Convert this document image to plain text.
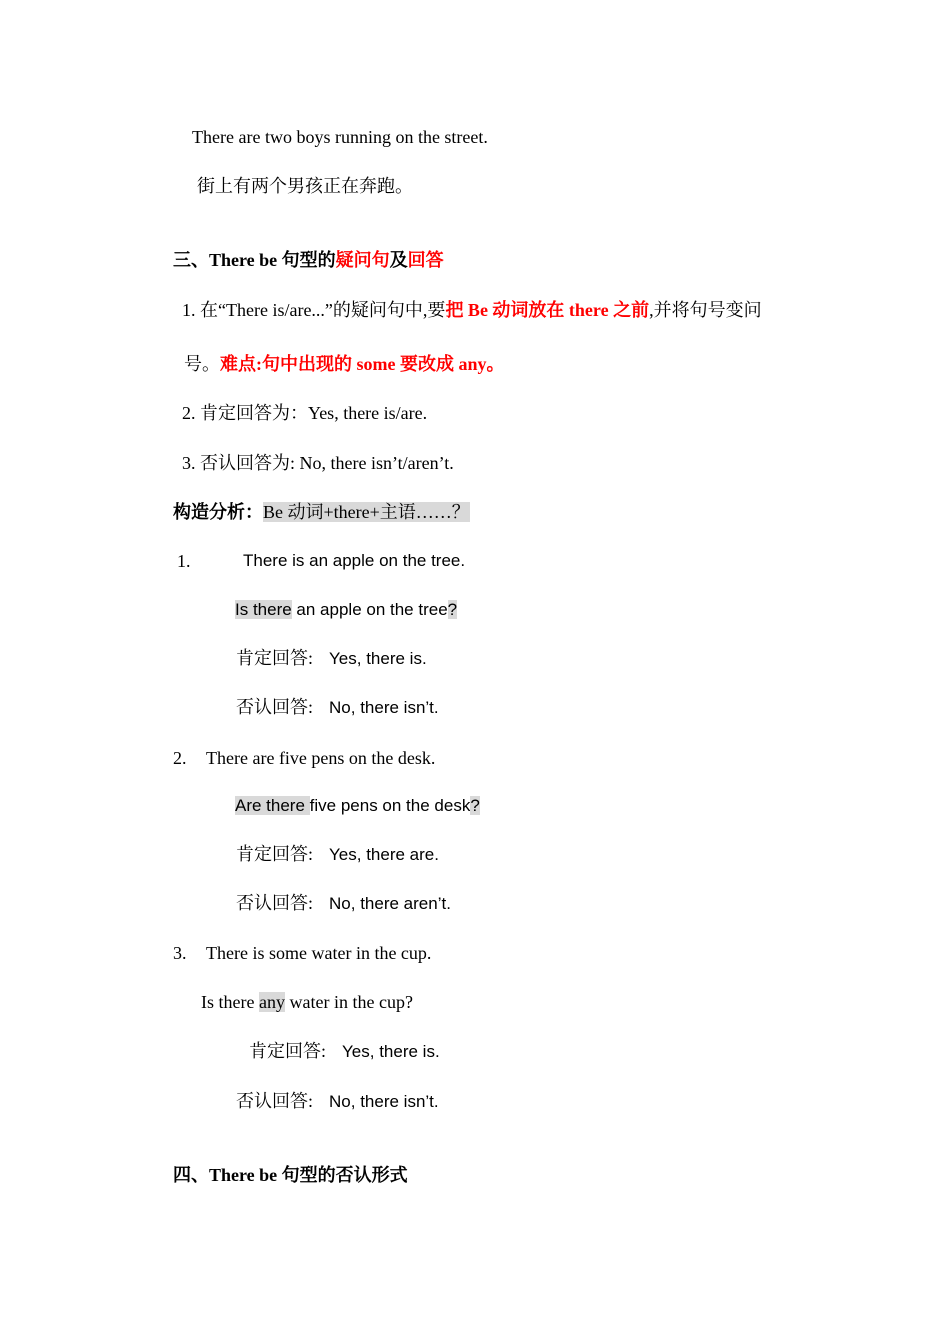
There are two boys running on the street.
街上有两个男孩正在奔跑。
三、There be 句型的疑问句及回答
1. 在“There is/are...”的疑问句中,要把 Be 动词放在 there 之前,并将句号变问
号。难点:句中出现的 some 要改成 any。
2. 肯定回答为：Yes, there is/are.
3. 否认回答为: No, there isn’t/aren’t.
构造分析：Be 动词+there+主语……？
1.	There is an apple on the tree.
Is there an apple on the tree?
肯定回答: Yes, there is.
否认回答: No, there isn’t.
2. There are five pens on the desk.
Are there five pens on the desk?
肯定回答: Yes, there are.
否认回答: No, there aren’t.
3. There is some water in the cup.
Is there any water in the cup?
肯定回答: Yes, there is.
否认回答: No, there isn’t.
四、There be 句型的否认形式
